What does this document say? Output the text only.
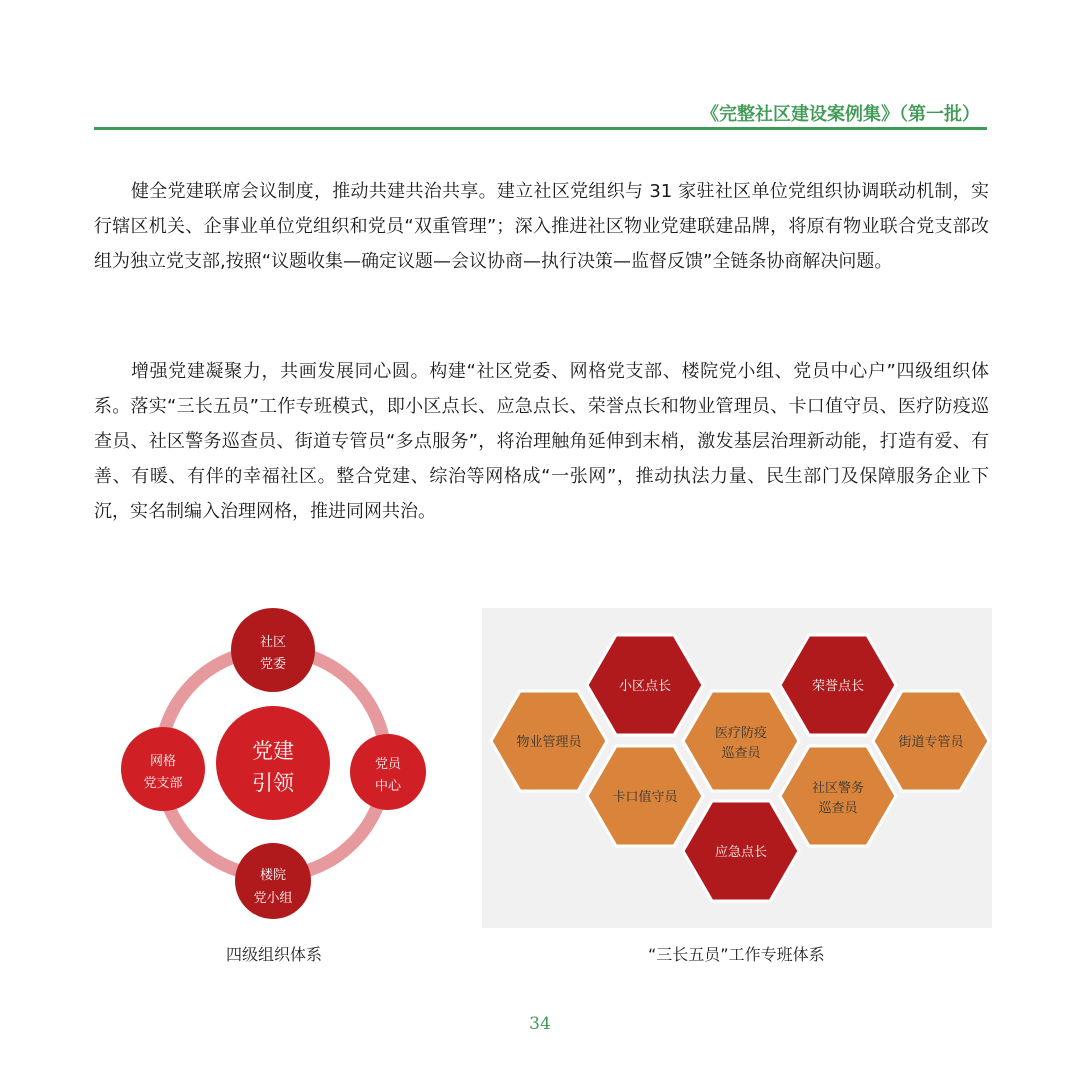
《完整社区建设案例集》（第一批）

健全党建联席会议制度，推动共建共治共享。建立社区党组织与 31 家驻社区单位党组织协调联动机制，实行辖区机关、企事业单位党组织和党员“双重管理”；深入推进社区物业党建联建品牌，将原有物业联合党支部改组为独立党支部,按照“议题收集—确定议题—会议协商—执行决策—监督反馈”全链条协商解决问题。

增强党建凝聚力，共画发展同心圆。构建“社区党委、网格党支部、楼院党小组、党员中心户”四级组织体系。落实“三长五员”工作专班模式，即小区点长、应急点长、荣誉点长和物业管理员、卡口值守员、医疗防疫巡查员、社区警务巡查员、街道专管员“多点服务”，将治理触角延伸到末梢，激发基层治理新动能，打造有爱、有善、有暖、有伴的幸福社区。整合党建、综治等网格成“一张网”，推动执法力量、民生部门及保障服务企业下沉，实名制编入治理网格，推进同网共治。

党建
引领
社区
党委
网格
党支部
党员
中心
楼院
党小组
小区点长	荣誉点长
物业管理员
医疗防疫
巡查员
街道专管员
卡口值守员
社区警务
巡查员
应急点长
四级组织体系	“三长五员”工作专班体系
34
